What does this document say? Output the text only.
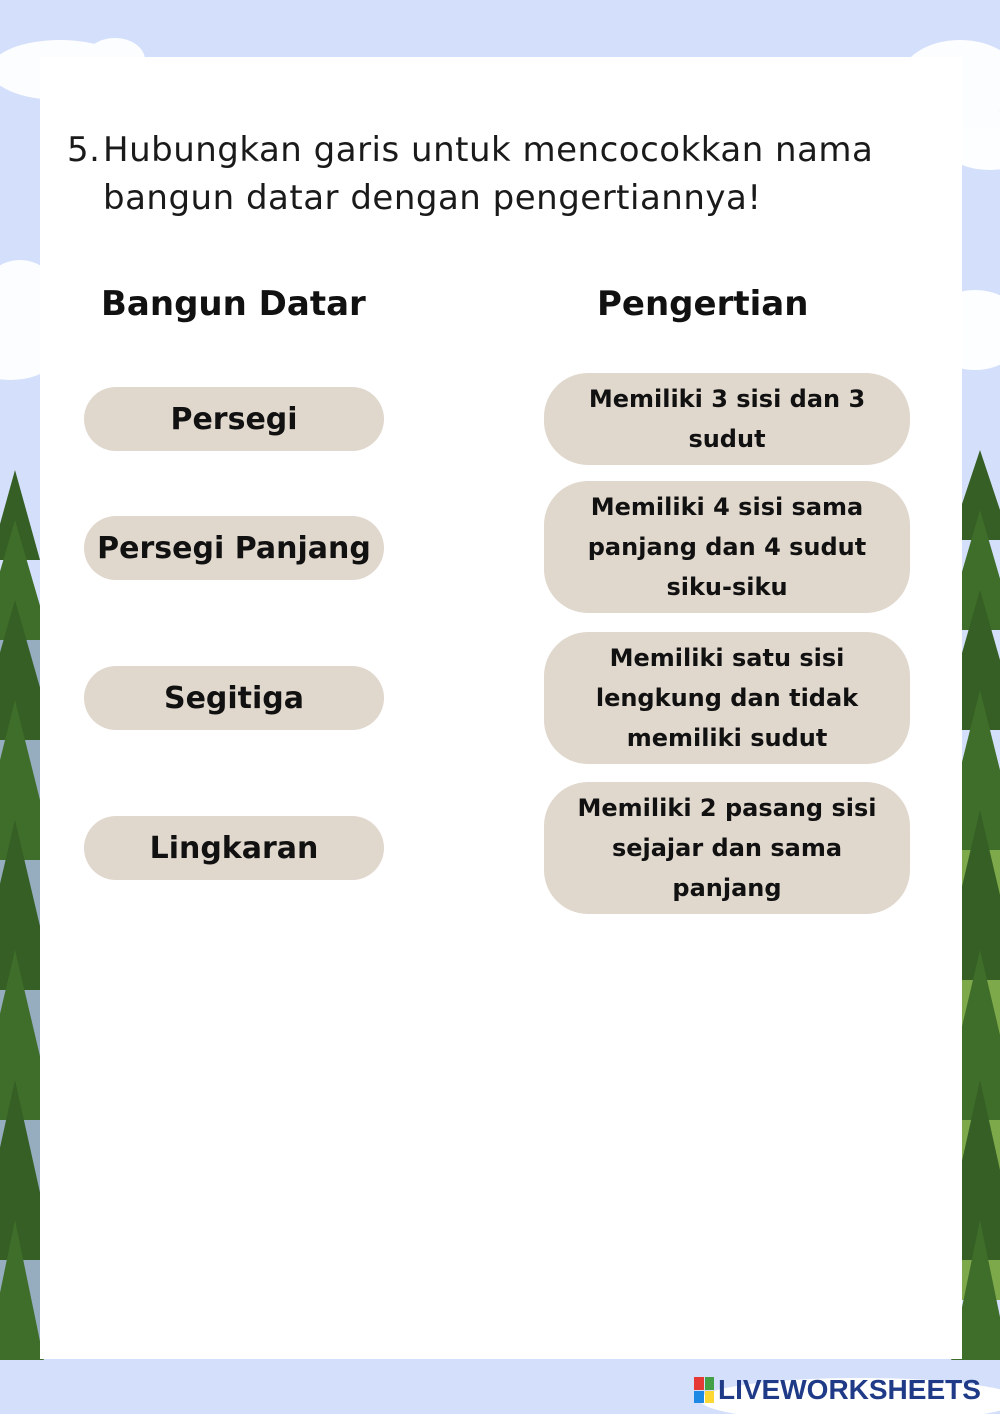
5. Hubungkan garis untuk mencocokkan nama bangun datar dengan pengertiannya!
Bangun Datar	Pengertian
Persegi
Persegi Panjang
Segitiga
Lingkaran
Memiliki 3 sisi dan 3 sudut
Memiliki 4 sisi sama panjang dan 4 sudut siku-siku
Memiliki satu sisi lengkung dan tidak memiliki sudut
Memiliki 2 pasang sisi sejajar dan sama panjang
LIVEWORKSHEETS
